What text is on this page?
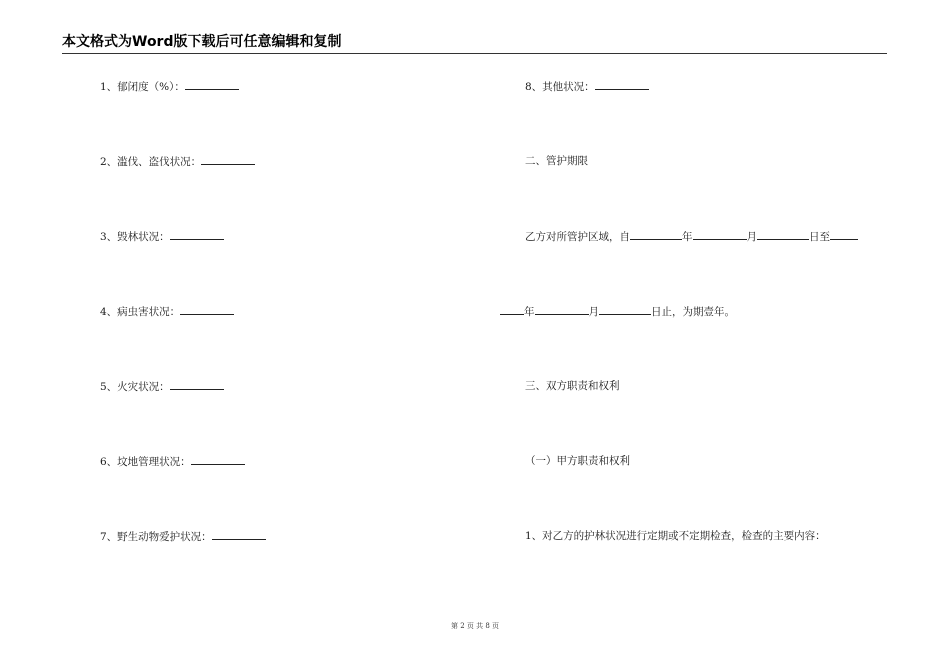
本文格式为Word版下载后可任意编辑和复制
1、郁闭度（%）：
2、滥伐、盗伐状况：
3、毁林状况：
4、病虫害状况：
5、火灾状况：
6、坟地管理状况：
7、野生动物爱护状况：
8、其他状况：
二、管护期限
乙方对所管护区域，自	年	月	日至
年	月	日止，为期壹年。
三、双方职责和权利
（一）甲方职责和权利
1、对乙方的护林状况进行定期或不定期检查，检查的主要内容：
第 2 页 共 8 页
